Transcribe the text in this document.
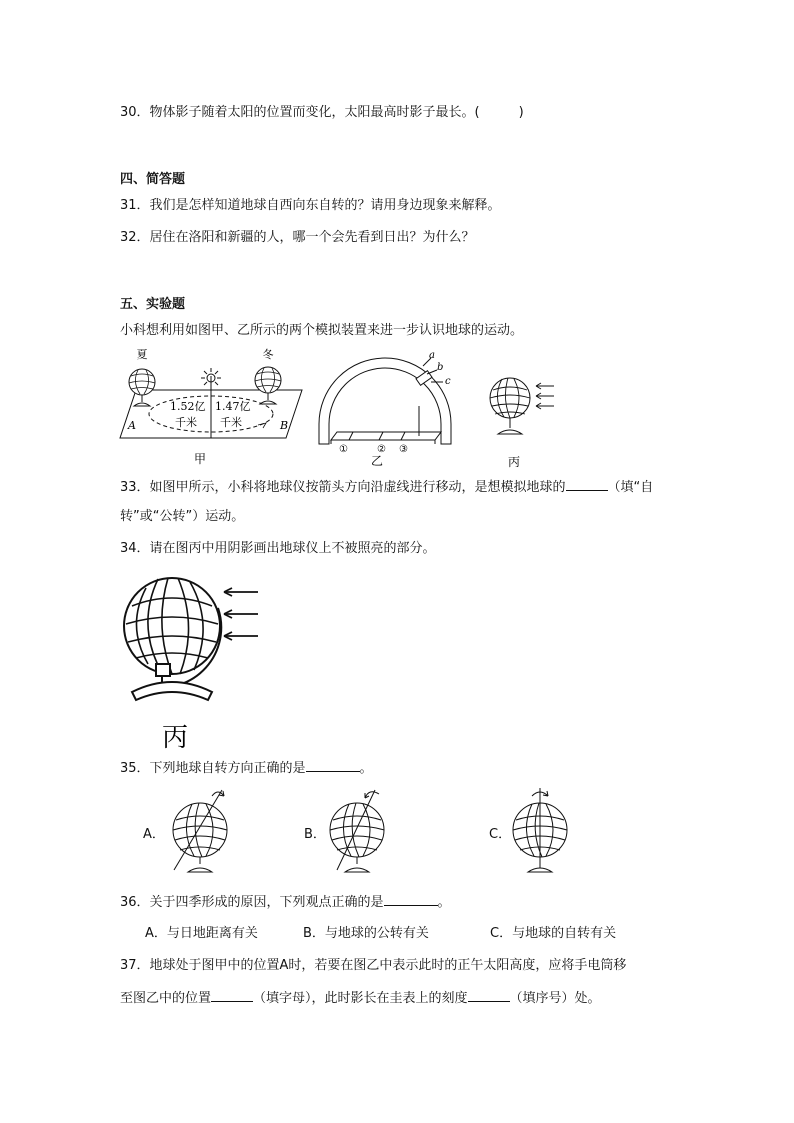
30．物体影子随着太阳的位置而变化，太阳最高时影子最长。(　　　)
四、简答题
31．我们是怎样知道地球自西向东自转的？请用身边现象来解释。
32．居住在洛阳和新疆的人，哪一个会先看到日出？为什么？
五、实验题
小科想利用如图甲、乙所示的两个模拟装置来进一步认识地球的运动。
夏	冬
1.52亿
千米
1.47亿
千米
A	B
甲
a
b
c
①	② ③
乙	丙
33．如图甲所示，小科将地球仪按箭头方向沿虚线进行移动，是想模拟地球的	（填“自
转”或“公转”）运动。
34．请在图丙中用阴影画出地球仪上不被照亮的部分。
丙
35．下列地球自转方向正确的是	。
A．	B．	C．
36．关于四季形成的原因，下列观点正确的是	。
A．与日地距离有关	B．与地球的公转有关	C．与地球的自转有关
37．地球处于图甲中的位置A时，若要在图乙中表示此时的正午太阳高度，应将手电筒移
至图乙中的位置	（填字母），此时影长在圭表上的刻度	（填序号）处。
